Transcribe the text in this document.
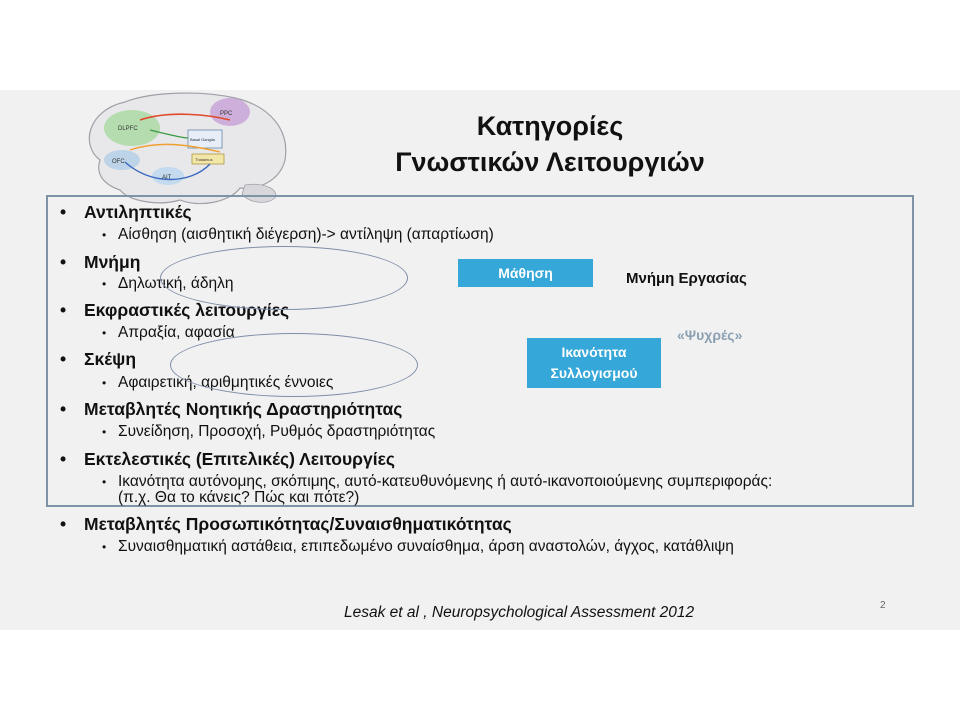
PPC
DLPFC
OFC
AIT
Basal Ganglia
Thalamus
Κατηγορίες
Γνωστικών Λειτουργιών
• Αντιληπτικές
• Αίσθηση (αισθητική διέγερση)-> αντίληψη (απαρτίωση)
• Μνήμη
• Δηλωτική, άδηλη
• Εκφραστικές λειτουργίες
• Απραξία, αφασία
• Σκέψη
• Αφαιρετική, αριθμητικές έννοιες
• Μεταβλητές Νοητικής Δραστηριότητας
• Συνείδηση, Προσοχή, Ρυθμός δραστηριότητας
• Εκτελεστικές (Επιτελικές) Λειτουργίες
• Ικανότητα αυτόνομης, σκόπιμης, αυτό-κατευθυνόμενης ή αυτό-ικανοποιούμενης συμπεριφοράς:
(π.χ. Θα το κάνεις? Πώς και πότε?)
• Μεταβλητές Προσωπικότητας/Συναισθηματικότητας
• Συναισθηματική αστάθεια, επιπεδωμένο συναίσθημα, άρση αναστολών, άγχος, κατάθλιψη
Μάθηση	Μνήμη Εργασίας
«Ψυχρές»
Ικανότητα
Συλλογισμού
Lesak et al , Neuropsychological Assessment 2012	2
